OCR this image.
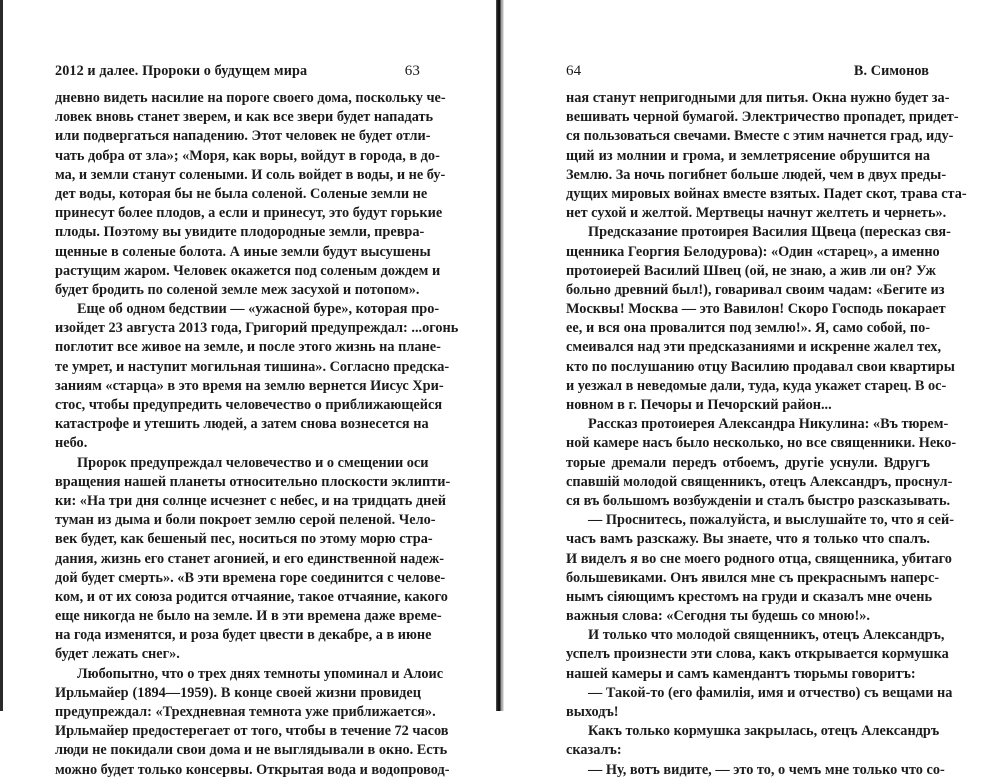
2012 и далее. Пророки о будущем мира	63
дневно видеть насилие на пороге своего дома, поскольку че-
ловек вновь станет зверем, и как все звери будет нападать
или подвергаться нападению. Этот человек не будет отли-
чать добра от зла»; «Моря, как воры, войдут в города, в до-
ма, и земли станут солеными. И соль войдет в воды, и не бу-
дет воды, которая бы не была соленой. Соленые земли не
принесут более плодов, а если и принесут, это будут горькие
плоды. Поэтому вы увидите плодородные земли, превра-
щенные в соленые болота. А иные земли будут высушены
растущим жаром. Человек окажется под соленым дождем и
будет бродить по соленой земле меж засухой и потопом».
Еще об одном бедствии — «ужасной буре», которая про-
изойдет 23 августа 2013 года, Григорий предупреждал: ...огонь
поглотит все живое на земле, и после этого жизнь на плане-
те умрет, и наступит могильная тишина». Согласно предска-
заниям «старца» в это время на землю вернется Иисус Хри-
стос, чтобы предупредить человечество о приближающейся
катастрофе и утешить людей, а затем снова вознесется на
небо.
Пророк предупреждал человечество и о смещении оси
вращения нашей планеты относительно плоскости эклипти-
ки: «На три дня солнце исчезнет с небес, и на тридцать дней
туман из дыма и боли покроет землю серой пеленой. Чело-
век будет, как бешеный пес, носиться по этому морю стра-
дания, жизнь его станет агонией, и его единственной надеж-
дой будет смерть». «В эти времена горе соединится с челове-
ком, и от их союза родится отчаяние, такое отчаяние, какого
еще никогда не было на земле. И в эти времена даже време-
на года изменятся, и роза будет цвести в декабре, а в июне
будет лежать снег».
Любопытно, что о трех днях темноты упоминал и Алоис
Ирльмайер (1894—1959). В конце своей жизни провидец
предупреждал: «Трехдневная темнота уже приближается».
Ирльмайер предостерегает от того, чтобы в течение 72 часов
люди не покидали свои дома и не выглядывали в окно. Есть
можно будет только консервы. Открытая вода и водопровод-
64	В. Симонов
ная станут непригодными для питья. Окна нужно будет за-
вешивать черной бумагой. Электричество пропадет, придет-
ся пользоваться свечами. Вместе с этим начнется град, иду-
щий из молнии и грома, и землетрясение обрушится на
Землю. За ночь погибнет больше людей, чем в двух преды-
дущих мировых войнах вместе взятых. Падет скот, трава ста-
нет сухой и желтой. Мертвецы начнут желтеть и чернеть».
Предсказание протоирея Василия Щвеца (пересказ свя-
щенника Георгия Белодурова): «Один «старец», а именно
протоиерей Василий Швец (ой, не знаю, а жив ли он? Уж
больно древний был!), говаривал своим чадам: «Бегите из
Москвы! Москва — это Вавилон! Скоро Господь покарает
ее, и вся она провалится под землю!». Я, само собой, по-
смеивался над эти предсказаниями и искренне жалел тех,
кто по послушанию отцу Василию продавал свои квартиры
и уезжал в неведомые дали, туда, куда укажет старец. В ос-
новном в г. Печоры и Печорский район...
Рассказ протоиерея Александра Никулина: «Въ тюрем-
ной камере насъ было несколько, но все священники. Неко-
торые дремали передъ отбоемъ, другіе уснули. Вдругъ
спавшій молодой священникъ, отецъ Александръ, проснул-
ся въ большомъ возбужденіи и сталъ быстро разсказывать.
— Проснитесь, пожалуйста, и выслушайте то, что я сей-
часъ вамъ разскажу. Вы знаете, что я только что спалъ.
И виделъ я во сне моего родного отца, священника, убитаго
большевиками. Онъ явился мне съ прекраснымъ наперс-
нымъ сіяющимъ крестомъ на груди и сказалъ мне очень
важныя слова: «Сегодня ты будешь со мною!».
И только что молодой священникъ, отецъ Александръ,
успелъ произнести эти слова, какъ открывается кормушка
нашей камеры и самъ камендантъ тюрьмы говоритъ:
— Такой-то (его фамилія, имя и отчество) съ вещами на
выходъ!
Какъ только кормушка закрылась, отецъ Александръ
сказалъ:
— Ну, вотъ видите, — это то, о чемъ мне только что со-
